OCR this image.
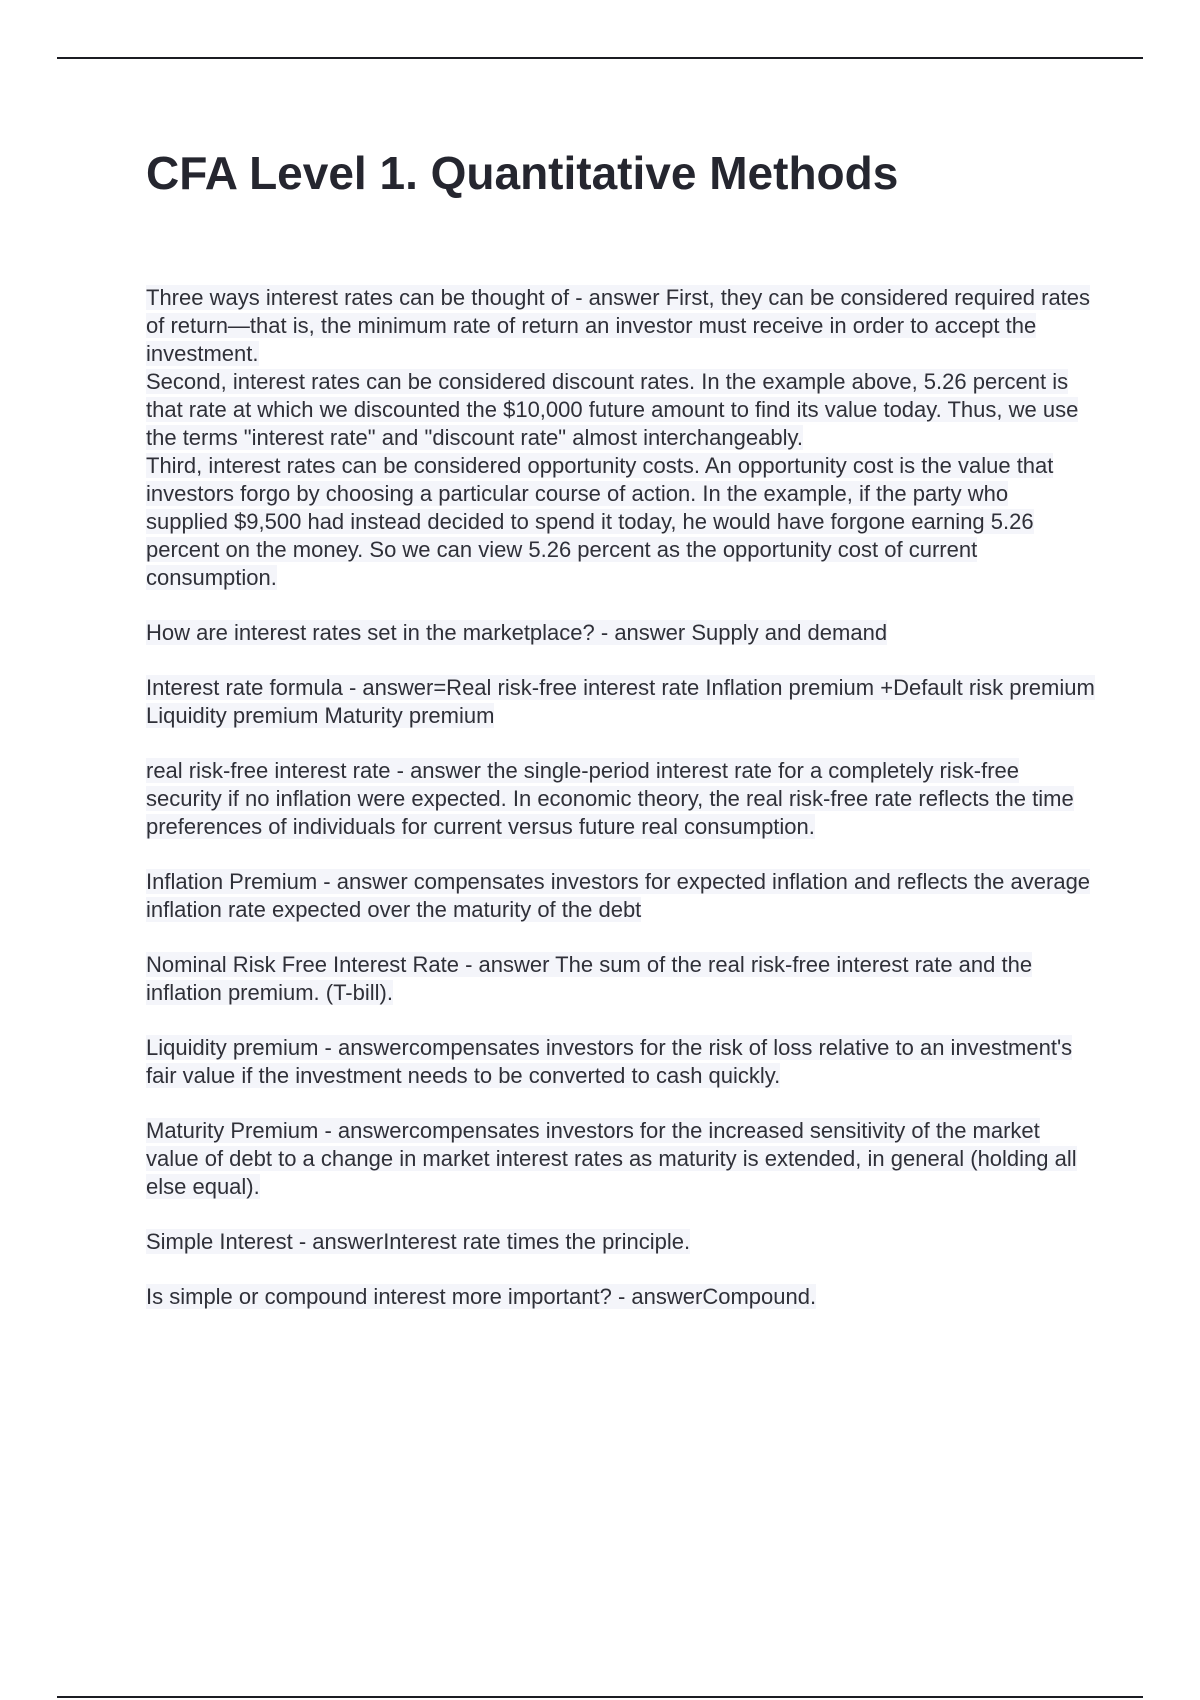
CFA Level 1. Quantitative Methods

Three ways interest rates can be thought of - answer First, they can be considered required rates of return—that is, the minimum rate of return an investor must receive in order to accept the investment.

Second, interest rates can be considered discount rates. In the example above, 5.26 percent is that rate at which we discounted the $10,000 future amount to find its value today. Thus, we use the terms "interest rate" and "discount rate" almost interchangeably.

Third, interest rates can be considered opportunity costs. An opportunity cost is the value that investors forgo by choosing a particular course of action. In the example, if the party who supplied $9,500 had instead decided to spend it today, he would have forgone earning 5.26 percent on the money. So we can view 5.26 percent as the opportunity cost of current consumption.

How are interest rates set in the marketplace? - answer Supply and demand

Interest rate formula - answer=Real risk-free interest rate Inflation premium +Default risk premium Liquidity premium Maturity premium

real risk-free interest rate - answer the single-period interest rate for a completely risk-free security if no inflation were expected. In economic theory, the real risk-free rate reflects the time preferences of individuals for current versus future real consumption.

Inflation Premium - answer compensates investors for expected inflation and reflects the average inflation rate expected over the maturity of the debt

Nominal Risk Free Interest Rate - answer The sum of the real risk-free interest rate and the inflation premium. (T-bill).

Liquidity premium - answercompensates investors for the risk of loss relative to an investment's fair value if the investment needs to be converted to cash quickly.

Maturity Premium - answercompensates investors for the increased sensitivity of the market value of debt to a change in market interest rates as maturity is extended, in general (holding all else equal).

Simple Interest - answerInterest rate times the principle.

Is simple or compound interest more important? - answerCompound.
